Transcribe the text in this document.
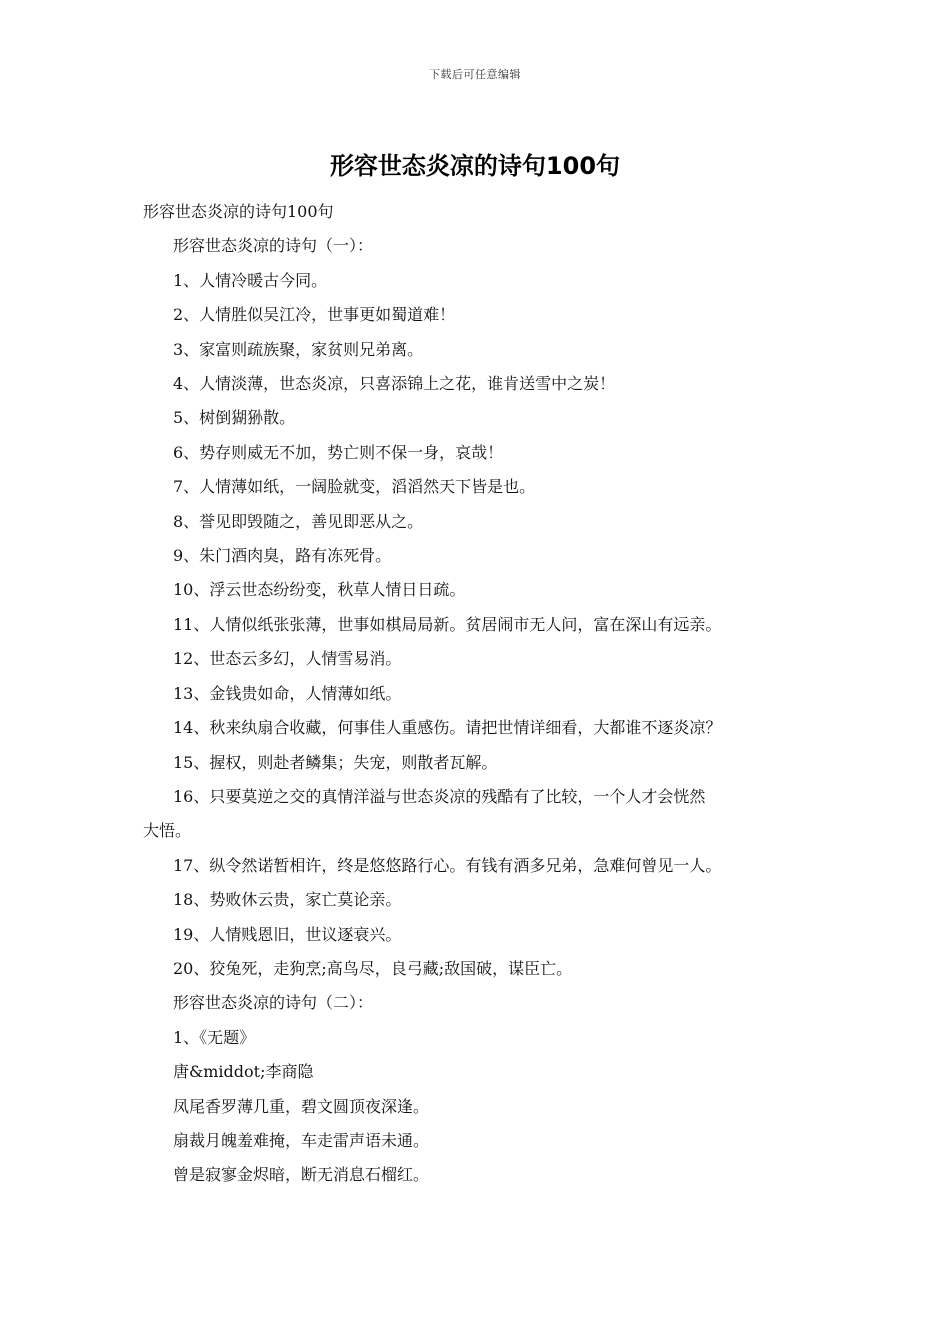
下载后可任意编辑
形容世态炎凉的诗句100句

形容世态炎凉的诗句100句

形容世态炎凉的诗句（一）：

1、人情冷暖古今同。

2、人情胜似吴江冷，世事更如蜀道难！

3、家富则疏族聚，家贫则兄弟离。

4、人情淡薄，世态炎凉，只喜添锦上之花，谁肯送雪中之炭！

5、树倒猢狲散。

6、势存则威无不加，势亡则不保一身，哀哉！

7、人情薄如纸，一阔脸就变，滔滔然天下皆是也。

8、誉见即毁随之，善见即恶从之。

9、朱门酒肉臭，路有冻死骨。

10、浮云世态纷纷变，秋草人情日日疏。

11、人情似纸张张薄，世事如棋局局新。贫居闹市无人问，富在深山有远亲。

12、世态云多幻，人情雪易消。

13、金钱贵如命，人情薄如纸。

14、秋来纨扇合收藏，何事佳人重感伤。请把世情详细看，大都谁不逐炎凉？

15、握权，则赴者鳞集；失宠，则散者瓦解。

16、只要莫逆之交的真情洋溢与世态炎凉的残酷有了比较，一个人才会恍然

大悟。

17、纵令然诺暂相许，终是悠悠路行心。有钱有酒多兄弟，急难何曾见一人。

18、势败休云贵，家亡莫论亲。

19、人情贱恩旧，世议逐衰兴。

20、狡兔死，走狗烹;高鸟尽，良弓藏;敌国破，谋臣亡。

形容世态炎凉的诗句（二）：

1、《无题》

唐&middot;李商隐

凤尾香罗薄几重，碧文圆顶夜深逢。

扇裁月魄羞难掩，车走雷声语未通。

曾是寂寥金烬暗，断无消息石榴红。
